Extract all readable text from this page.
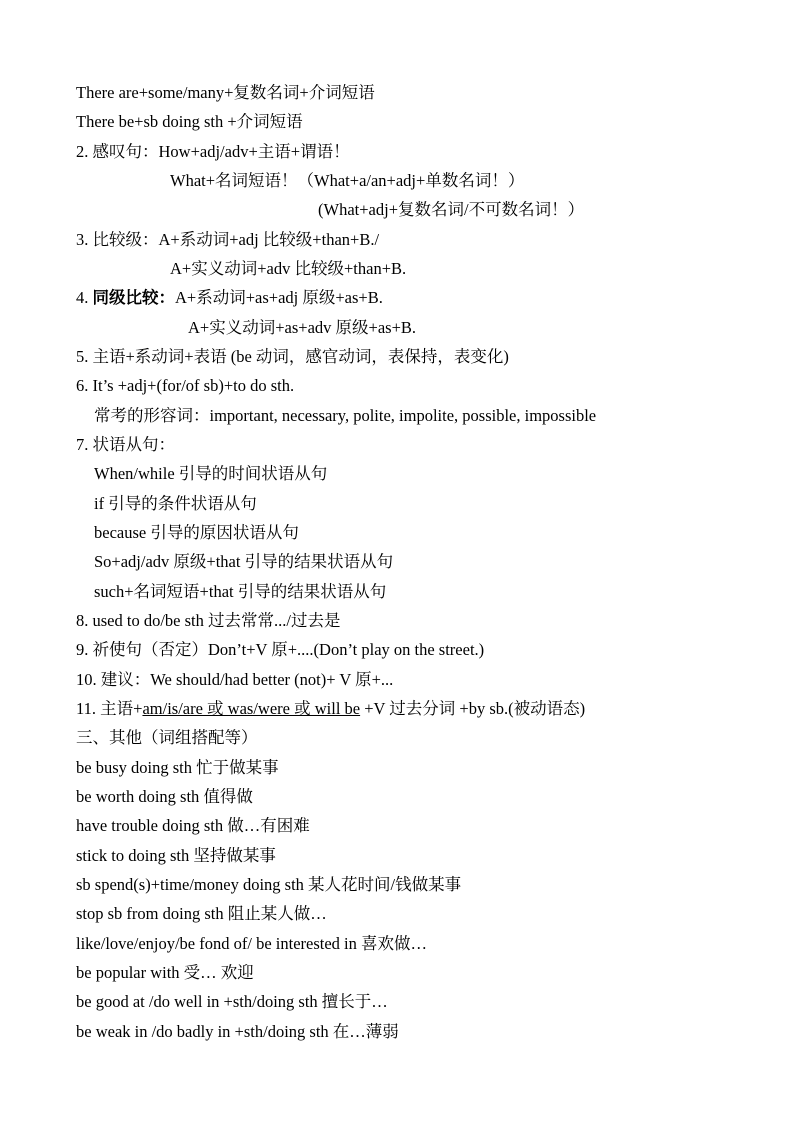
There are+some/many+复数名词+介词短语
There be+sb doing sth +介词短语
2. 感叹句：How+adj/adv+主语+谓语！
What+名词短语！（What+a/an+adj+单数名词！）
(What+adj+复数名词/不可数名词！）
3. 比较级：A+系动词+adj 比较级+than+B./
A+实义动词+adv 比较级+than+B.
4. 同级比较：A+系动词+as+adj 原级+as+B.
A+实义动词+as+adv 原级+as+B.
5. 主语+系动词+表语 (be 动词，感官动词，表保持，表变化)
6. It’s +adj+(for/of sb)+to do sth.
常考的形容词：important, necessary, polite, impolite, possible, impossible
7. 状语从句：
When/while 引导的时间状语从句
if 引导的条件状语从句
because 引导的原因状语从句
So+adj/adv 原级+that 引导的结果状语从句
such+名词短语+that 引导的结果状语从句
8. used to do/be sth 过去常常.../过去是
9. 祈使句（否定）Don’t+V 原+....(Don’t play on the street.)
10. 建议：We should/had better (not)+ V 原+...
11. 主语+am/is/are 或 was/were 或 will be +V 过去分词 +by sb.(被动语态)
三、其他（词组搭配等）
be busy doing sth 忙于做某事
be worth doing sth 值得做
have trouble doing sth 做…有困难
stick to doing sth 坚持做某事
sb spend(s)+time/money doing sth 某人花时间/钱做某事
stop sb from doing sth 阻止某人做…
like/love/enjoy/be fond of/ be interested in 喜欢做…
be popular with 受… 欢迎
be good at /do well in +sth/doing sth 擅长于…
be weak in /do badly in +sth/doing sth 在…薄弱
